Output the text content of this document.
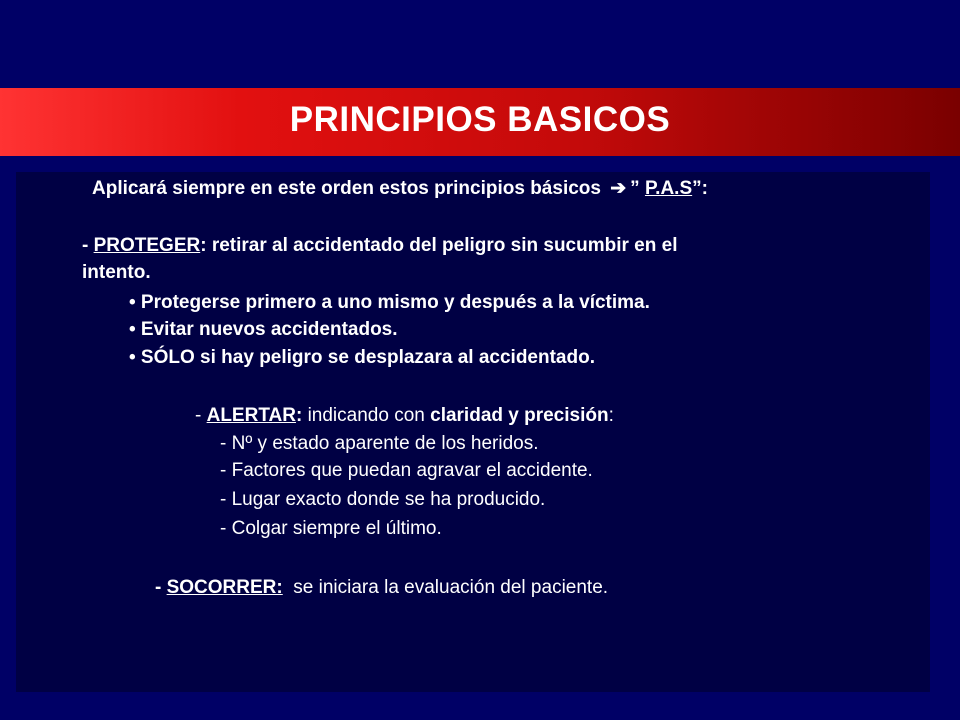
PRINCIPIOS BASICOS
Aplicará siempre en este orden estos principios básicos ➔ ” P.A.S”:
- PROTEGER: retirar al accidentado del peligro sin sucumbir en el
intento.
• Protegerse primero a uno mismo y después a la víctima.
• Evitar nuevos accidentados.
• SÓLO si hay peligro se desplazara al accidentado.
- ALERTAR: indicando con claridad y precisión:
- Nº y estado aparente de los heridos.
- Factores que puedan agravar el accidente.
- Lugar exacto donde se ha producido.
- Colgar siempre el último.
- SOCORRER:  se iniciara la evaluación del paciente.
